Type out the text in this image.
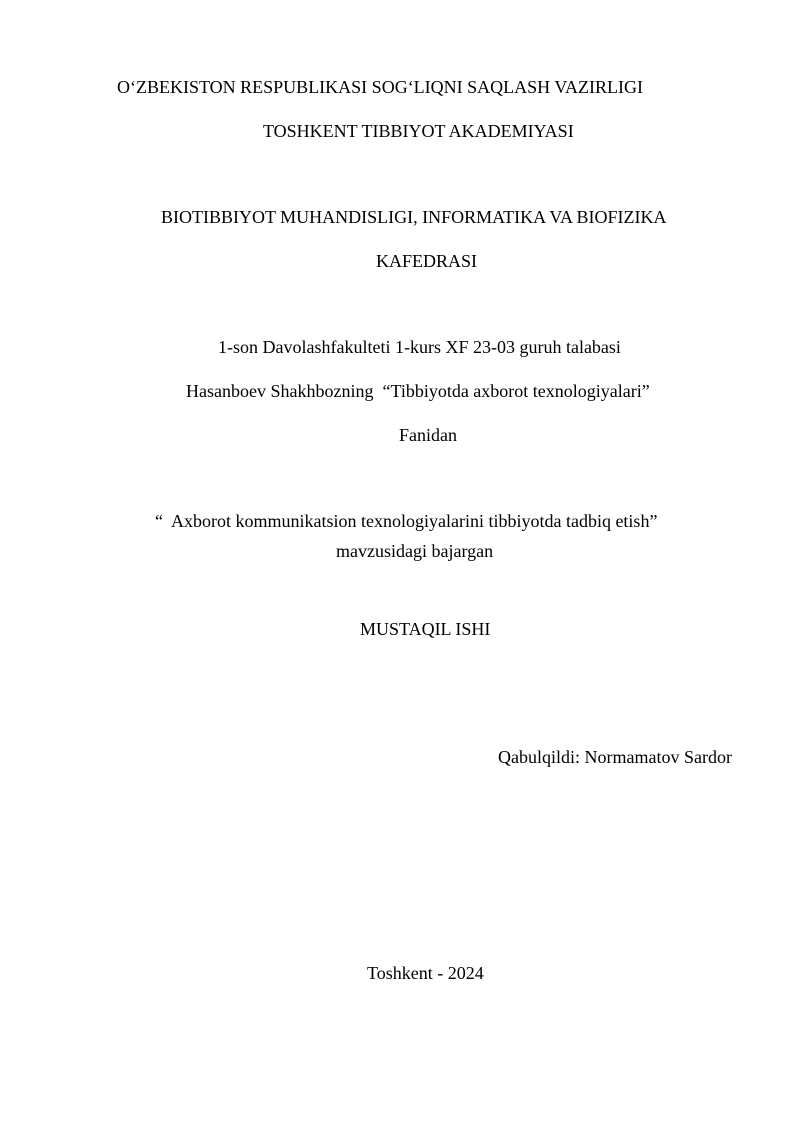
O‘ZBEKISTON RESPUBLIKASI SOG‘LIQNI SAQLASH VAZIRLIGI
TOSHKENT TIBBIYOT AKADEMIYASI
BIOTIBBIYOT MUHANDISLIGI, INFORMATIKA VA BIOFIZIKA
KAFEDRASI
1-son Davolashfakulteti 1-kurs XF 23-03 guruh talabasi
Hasanboev Shakhbozning  “Tibbiyotda axborot texnologiyalari”
Fanidan
“  Axborot kommunikatsion texnologiyalarini tibbiyotda tadbiq etish”
mavzusidagi bajargan
MUSTAQIL ISHI
Qabulqildi: Normamatov Sardor
Toshkent - 2024
